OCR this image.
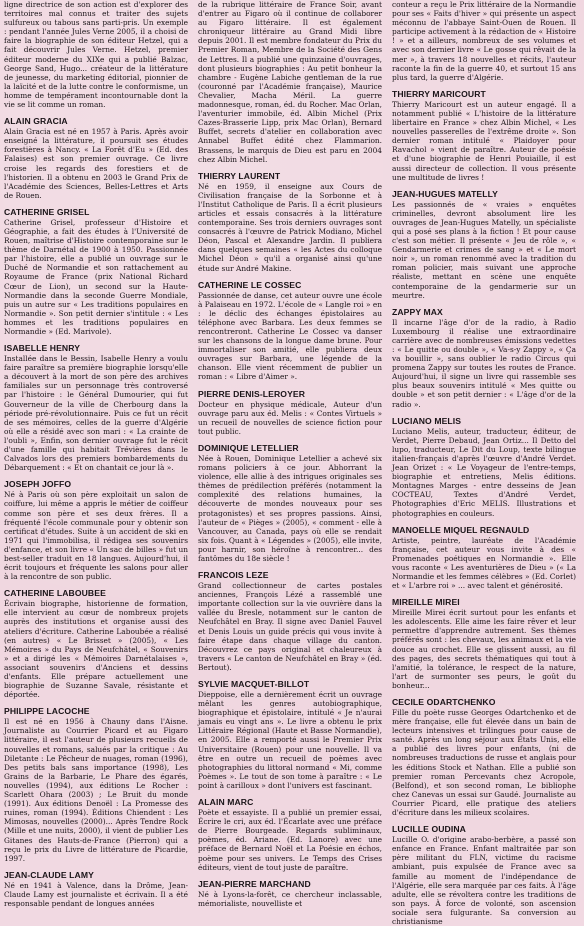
ligne directrice de son action est d'explorer des territoires mal connus et traiter des sujets sulfureux ou tabous sans parti-pris. Un exemple : pendant l'année Jules Verne 2005, il a choisi de faire la biographie de son éditeur Hetzel, qui a fait découvrir Jules Verne. Hetzel, premier éditeur moderne du XIXe qui a publié Balzac, George Sand, Hugo... créateur de la littérature de jeunesse, du marketing éditorial, pionnier de la laïcité et de la lutte contre le conformisme, un homme de tempérament incontournable dont la vie se lit comme un roman.

ALAIN GRACIA

Alain Gracia est né en 1957 à Paris. Après avoir enseigné la littérature, il poursuit ses études forestières à Nancy. « La Forêt d'Eu » (Ed. des Falaises) est son premier ouvrage. Ce livre croise les regards des forestiers et de l'historien. Il a obtenu en 2003 le Grand Prix de l'Académie des Sciences, Belles-Lettres et Arts de Rouen.

CATHERINE GRISEL

Catherine Grisel, professeur d'Histoire et Géographie, a fait des études à l'Université de Rouen, maîtrise d'Histoire contemporaine sur le thème de Darnétal de 1900 à 1950. Passionnée par l'histoire, elle a publié un ouvrage sur le Duché de Normandie et son rattachement au Royaume de France (prix National Richard Cœur de Lion), un second sur la Haute-Normandie dans la seconde Guerre Mondiale, puis un autre sur « Les traditions populaires en Normandie ». Son petit dernier s'intitule : « Les hommes et les traditions populaires en Normandie » (Ed. Marivole).

ISABELLE HENRY

Installée dans le Bessin, Isabelle Henry a voulu faire paraître sa première biographie lorsqu'elle a découvert à la mort de son père des archives familiales sur un personnage très controversé par l'histoire : le Général Dumourier, qui fut Gouverneur de la ville de Cherbourg dans la période pré-révolutionnaire. Puis ce fut un récit de ses mémoires, celles de la guerre d'Algérie où elle a résidé avec son mari : « La crainte de l'oubli », Enfin, son dernier ouvrage fut le récit d'une famille qui habitait Trévières dans le Calvados lors des premiers bombardements du Débarquement : « Et on chantait ce jour là ».

JOSEPH JOFFO

Né à Paris où son père exploitait un salon de coiffure, lui même a appris le métier de coiffeur comme son père et ses deux frères. Il a fréquenté l'école communale pour y obtenir son certificat d'études. Suite à un accident de ski en 1971 qui l'immobilisa, il rédigea ses souvenirs d'enfance, et son livre « Un sac de billes » fut un best-seller traduit en 18 langues. Aujourd'hui, il écrit toujours et fréquente les salons pour aller à la rencontre de son public.

CATHERINE LABOUBEE

Écrivain biographe, historienne de formation, elle intervient au cœur de nombreux projets auprès des institutions et organise aussi des ateliers d'écriture. Catherine Laboubée a réalisé (en autres) « Le Brisset » (2005), « Les Mémoires » du Pays de Neufchâtel, « Souvenirs » et a dirigé les « Mémoires Darnétalaises », associant souvenirs d'Anciens et dessins d'enfants. Elle prépare actuellement une biographie de Suzanne Savale, résistante et déportée.

PHILIPPE LACOCHE

Il est né en 1956 à Chauny dans l'Aisne. Journaliste au Courrier Picard et au Figaro littéraire, il est l'auteur de plusieurs recueils de nouvelles et romans, salués par la critique : Au Diletante : Le Pêcheur de nuages, roman (1996), Des petits bals sans importance (1998), Les Grains de la Barbarie, Le Phare des égarés, nouvelles (1994), aux éditions Le Rocher : Scarlett Ohara (2003) ; Le Bruit du monde (1991). Aux éditions Denoël : La Promesse des ruines, roman (1994). Éditions Chiendent : Les Mimosas, nouvelles (2000)... Après Tendre Rock (Mille et une nuits, 2000), il vient de publier Les Gitanes des Hauts-de-France (Pierron) qui a reçu le prix du Livre de littérature de Picardie, 1997.

JEAN-CLAUDE LAMY

Né en 1941 à Valence, dans la Drôme, Jean-Claude Lamy est journaliste et écrivain. Il a été responsable pendant de longues années

de la rubrique littéraire de France Soir, avant d'entrer au Figaro où il continue de collaborer au Figaro littéraire. Il est également chroniqueur littéraire au Grand Midi libre depuis 2001. Il est membre fondateur du Prix du Premier Roman, Membre de la Société des Gens de Lettres. Il a publié une quinzaine d'ouvrages, dont plusieurs biographies : Au petit bonheur la chambre - Eugène Labiche gentleman de la rue (couronné par l'Académie française), Maurice Chevalier, Macha Méril. La guerre madonnesque, roman, éd. du Rocher. Mac Orlan, l'aventurier immobile, éd. Albin Michel (Prix Cazes-Brasserie Lipp, prix Mac Orlan), Bernard Buffet, secrets d'atelier en collaboration avec Annabel Buffet édité chez Flammarion. Brassens, le marquis de Dieu est paru en 2004 chez Albin Michel.

THIERRY LAURENT

Né en 1959, il enseigne aux Cours de Civilisation française de la Sorbonne et à l'Institut Catholique de Paris. Il a écrit plusieurs articles et essais consacrés à la littérature contemporaine. Ses trois derniers ouvrages sont consacrés à l'œuvre de Patrick Modiano, Michel Déon, Pascal et Alexandre Jardin. Il publiera dans quelques semaines « les Actes du colloque Michel Déon » qu'il a organisé ainsi qu'une étude sur André Makine.

CATHERINE LE COSSEC

Passionnée de danse, cet auteur ouvre une école à Palaiseau en 1972. L'école de « Langle roi » en : le déclic des échanges épistolaires au téléphone avec Barbara. Les deux femmes se rencontreront. Catherine Le Cossec va danser sur les chansons de la longue dame brune. Pour immortaliser son amitié, elle publiera deux ouvrages sur Barbara, une légende de la chanson. Elle vient récemment de publier un roman : « Libre d'Aimer ».

PIERRE DENIS-LEROYER

Docteur en physique médicale, Auteur d'un ouvrage paru aux éd. Melis : « Contes Virtuels » un recueil de nouvelles de science fiction pour tout public.

DOMINIQUE LETELLIER

Née à Rouen, Dominique Letellier a achevé six romans policiers à ce jour. Abhorrant la violence, elle allie à des intrigues originales ses thèmes de prédilection préférés (notamment la complexité des relations humaines, la découverte de mondes nouveaux pour ses protagonistes) et ses propres passions. Ainsi, l'auteur de « Pièges » (2005), « comment - elle à Vancouver, au Canada, pays où elle se rendait six fois. Quant à « Légendes » (2005), elle invite, pour harnir, son héroïne à rencontrer... des fantômes du 18e siècle !

FRANCOIS LEZE

Grand collectionneur de cartes postales anciennes, François Lézé a rassemblé une importante collection sur la vie ouvrière dans la vallée du Bresle, notamment sur le canton de Neufchâtel en Bray. Il signe avec Daniel Fauvel et Denis Louis un guide précis qui vous invite à faire étape dans chaque village du canton. Découvrez ce pays original et chaleureux à travers « Le canton de Neufchâtel en Bray » (éd. Bertout).

SYLVIE MACQUET-BILLOT

Dieppoise, elle a dernièrement écrit un ouvrage mêlant les genres autobiographique, biographique et épistolaire, intitulé « Je n'aurai jamais eu vingt ans ». Le livre a obtenu le prix Littéraire Régional (Haute et Basse Normandie), en 2005. Elle a remporté aussi le Premier Prix Universitaire (Rouen) pour une nouvelle. Il va être en outre un recueil de poèmes avec photographies du littoral normand « Mi, comme Poèmes ». Le tout de son tome à paraître : « Le point à carilloux » dont l'univers est fascinant.

ALAIN MARC

Poète et essayiste. Il a publié un premier essai, Écrire le cri, aux éd. l'Écarlate avec une préface de Pierre Bourgeade. Regards subliminaux, poèmes, éd. Ariane. (Ed. Lanore) avec une préface de Bernard Noël et La Poésie en échos, poème pour ses univers. Le Temps des Crises éditeurs, vient de tout juste de paraître.

JEAN-PIERRE MARCHAND

Né à Lyons-la-forêt, ce chercheur inclassable, mémorialiste, nouvelliste et

conteur a reçu le Prix littéraire de la Normandie pour ses « Faits d'hiver » qui présente un aspect méconnu de l'abbaye Saint-Ouen de Rouen. Il participe activement à la rédaction de « Histoire ! » et a ailleurs, nombreux de ses volumes et avec son dernier livre « Le gosse qui rêvait de la mer », à travers 18 nouvelles et récits, l'auteur raconte la fin de la guerre 40, et surtout 15 ans plus tard, la guerre d'Algérie.

THIERRY MARICOURT

Thierry Maricourt est un auteur engagé. Il a notamment publié « L'histoire de la littérature libertaire en France » chez Albin Michel, « Les nouvelles passerelles de l'extrême droite ». Son dernier roman intitulé « Plaidoyer pour Ravachol » vient de paraître. Auteur de poésie et d'une biographie de Henri Pouiaille, il est aussi directeur de collection. Il vous présente une multitude de livres !

JEAN-HUGUES MATELLY

Les passionnés de « vraies » enquêtes criminelles, devront absolument lire les ouvrages de Jean-Hugues Matelly, un spécialiste qui a posé ses plans à la fiction ! Et pour cause c'est son métier. Il présente « Jeu de rôle », « Gendarmerie et crimes de sang » et « Le mort noir », un roman renommé avec la tradition du roman policier, mais suivant une approche réaliste, mettant en scène une enquête contemporaine de la gendarmerie sur un meurtre.

ZAPPY MAX

Il incarne l'âge d'or de la radio, à Radio Luxembourg il réalise une extraordinaire carrière avec de nombreuses émissions vedettes : « Le quitte ou double », « Va-s-y Zappy », « Ça va bouillir », sans oublier le radio Circus qui promena Zappy sur toutes les routes de France. Aujourd'hui, il signe un livre qui rassemble ses plus beaux souvenirs intitulé « Mes quitte ou double » et son petit dernier : « L'âge d'or de la radio ».

LUCIANO MELIS

Luciano Melis, auteur, traducteur, éditeur, de Verdet, Pierre Debaud, Jean Ortiz... Il Detto del lupo, traducteur, Le Dit du Loup, texte bilingue italien-français d'après l'œuvre d'André Verdet. Jean Orizet : « Le Voyageur de l'entre-temps, biographie et entretiens, Melis éditions. Montagnes Marges - entre desseins de Jean COCTEAU, Textes d'André Verdet, Photographies d'Eric MELIS. Illustrations et photographies en couleurs.

MANOELLE MIQUEL REGNAULD

Artiste, peintre, lauréate de l'Académie française, cet auteur vous invite à des « Promenades poétiques en Normandie ». Elle vous raconte « Les aventurières de Dieu » (« La Normandie et les femmes célèbres » (Ed. Corlet) et « L'arbre roi » ... avec talent et générosité.

MIREILLE MIREI

Mireille Mirei écrit surtout pour les enfants et les adolescents. Elle aime les faire rêver et leur permettre d'apprendre autrement. Ses thèmes préférés sont : les chevaux, les animaux et la vie douce au crochet. Elle se glissent aussi, au fil des pages, des secrets thématiques qui tout à l'amitié, la tolérance, le respect de la nature, l'art de surmonter ses peurs, le goût du bonheur...

CECILE ODARTCHENKO

Fille du poète russe Georges Odartchenko et de mère française, elle fut élevée dans un bain de lecteurs intensives et trilingues pour cause de santé. Après un long séjour aux États Unis, elle a publié des livres pour enfants, (ni de nombreuses traductions de russe et anglais pour les éditions Stock et Nathan. Elle a publié son premier roman Percevants chez Acropole, (Belfond), et son second roman, Le bibliophe chez Canevas un essai sur Gaudé. Journaliste au Courrier Picard, elle pratique des ateliers d'écriture dans les milieux scolaires.

LUCILLE OUDINA

Lucille O. d'origine arabo-berbère, a passé son enfance en France. Enfant maltraitée par son père militant du FLN, victime du racisme ambiant, puis expulsée de France avec sa famille au moment de l'indépendance de l'Algérie, elle sera marquée par ces faits. À l'âge adulte, elle se révoltera contre les traditions de son pays. À force de volonté, son ascension sociale sera fulgurante. Sa conversion au christianisme
